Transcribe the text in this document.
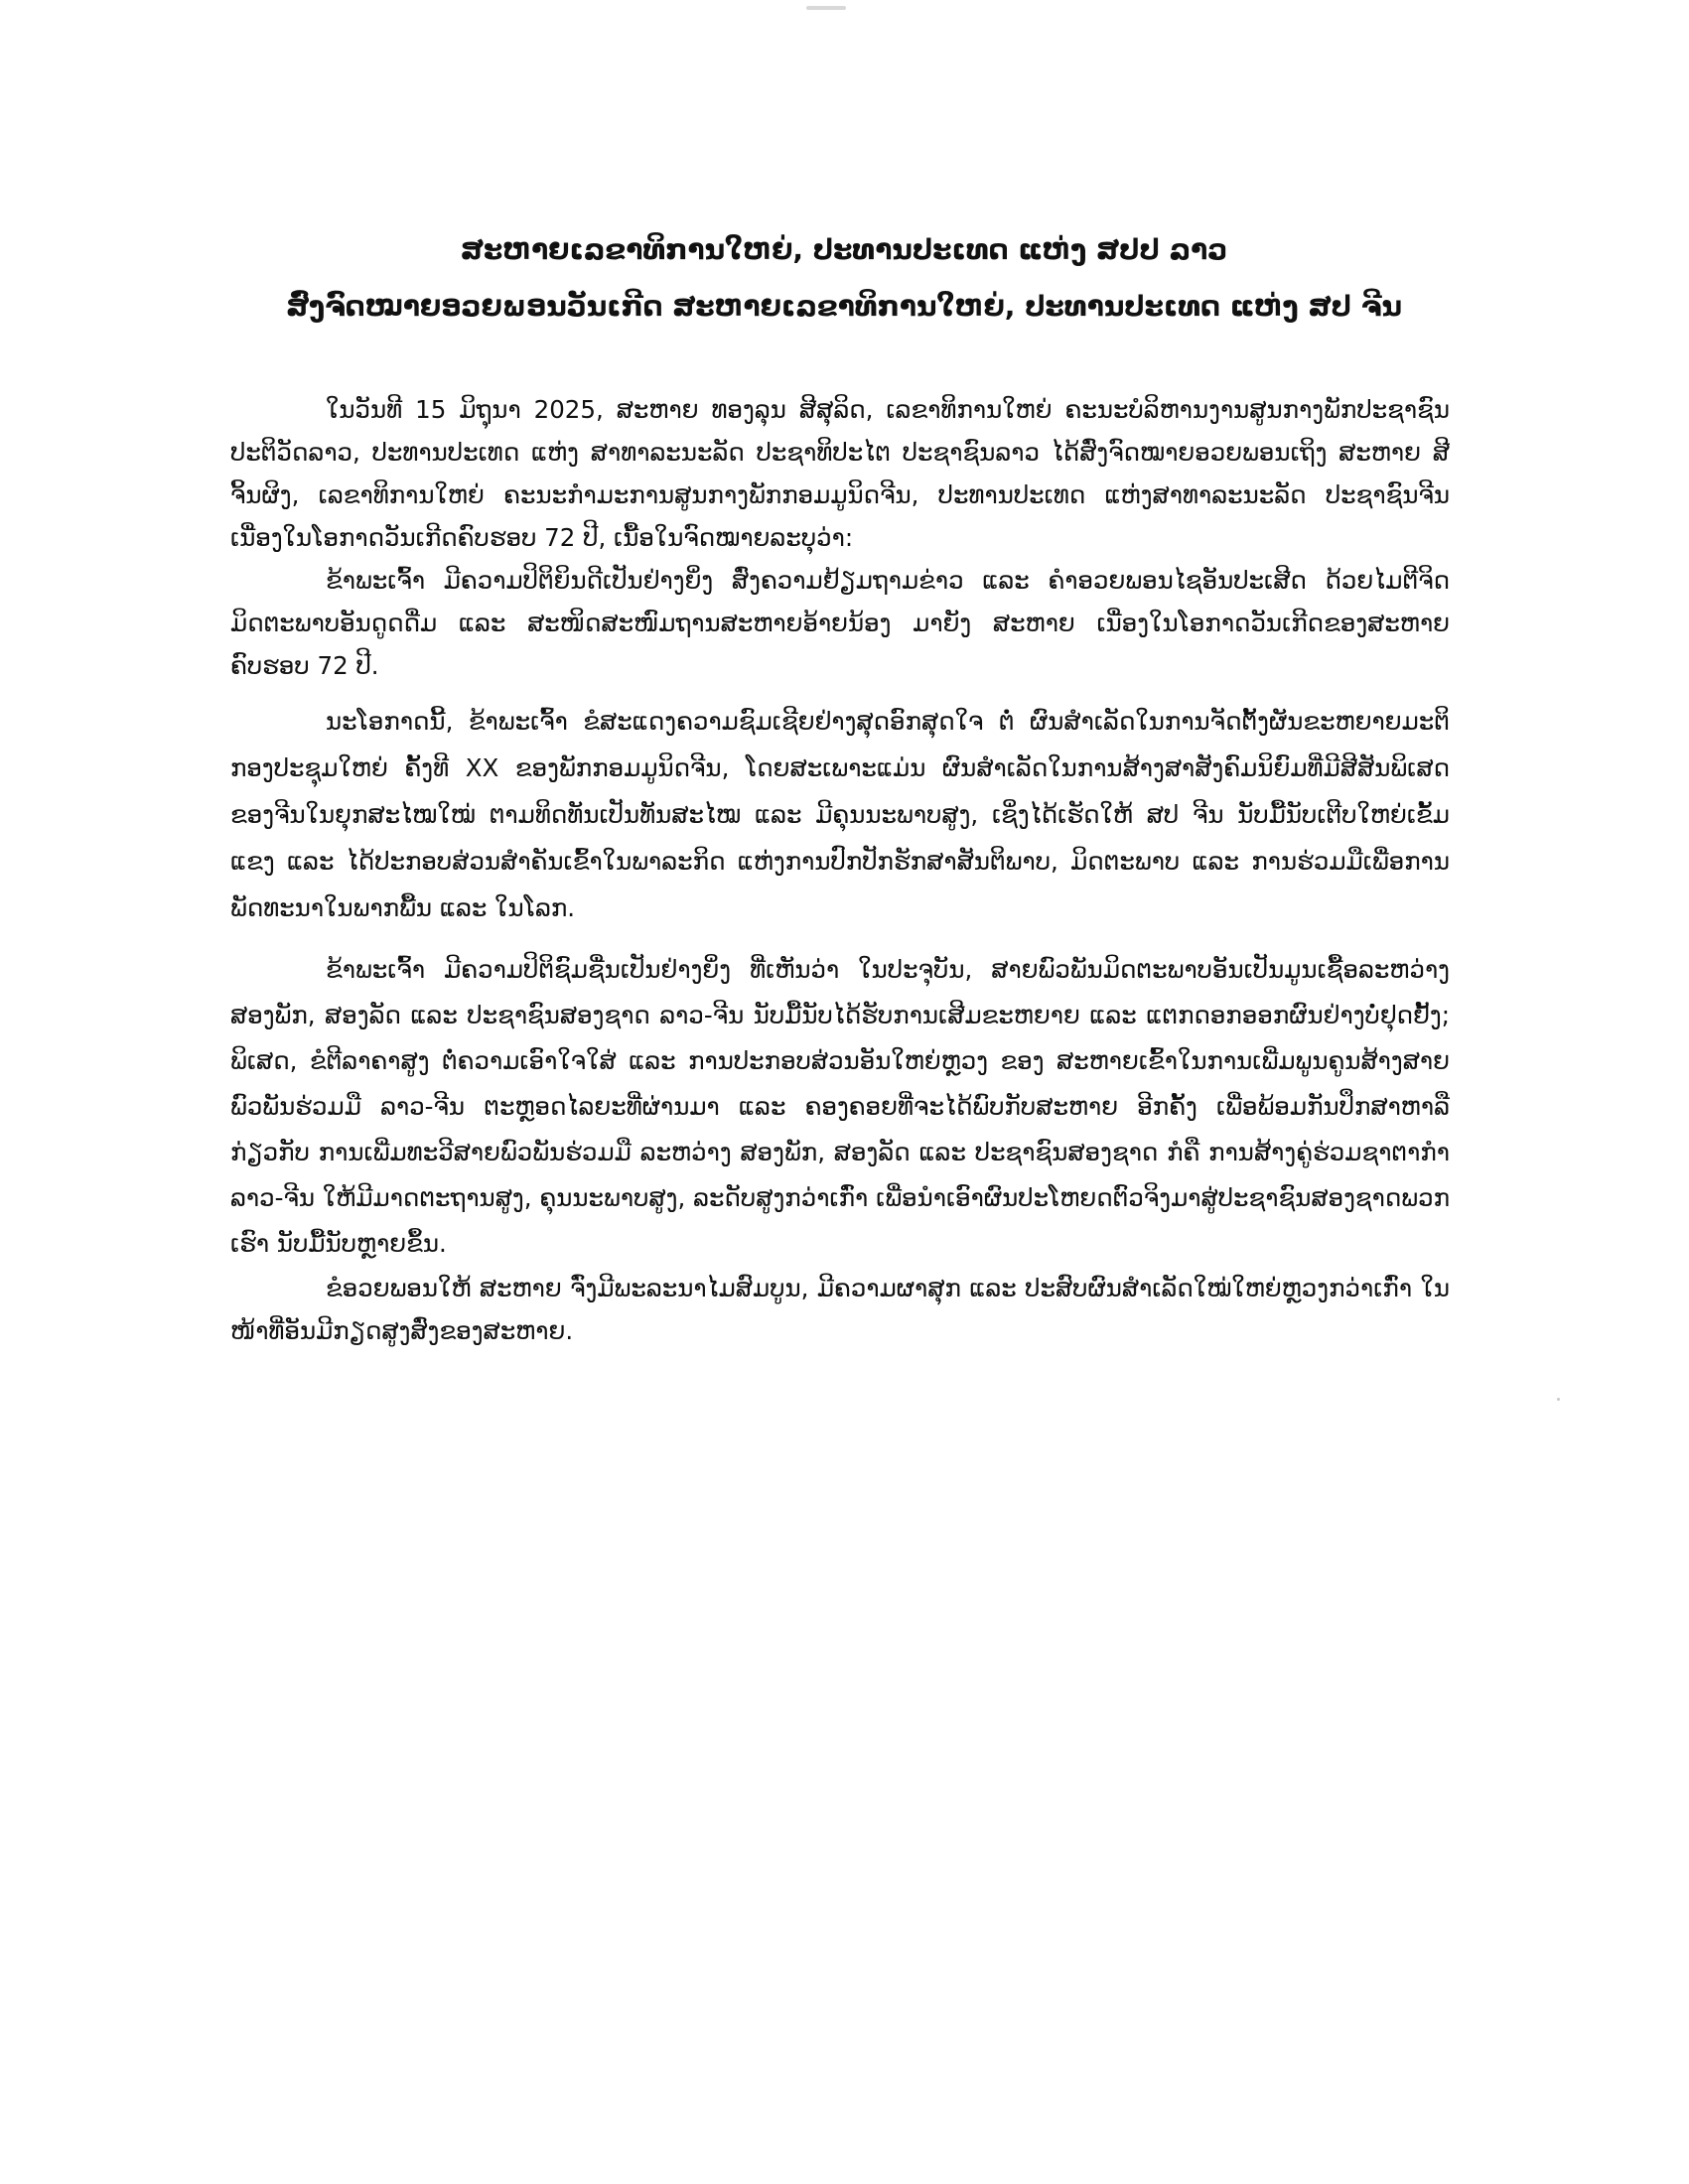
ສະຫາຍເລຂາທິການໃຫຍ່, ປະທານປະເທດ ແຫ່ງ ສປປ ລາວ
ສົ່ງຈົດໝາຍອວຍພອນວັນເກີດ ສະຫາຍເລຂາທິການໃຫຍ່, ປະທານປະເທດ ແຫ່ງ ສປ ຈີນ

ໃນວັນທີ 15 ມິຖຸນາ 2025, ສະຫາຍ ທອງລຸນ ສີສຸລິດ, ເລຂາທິການໃຫຍ່ ຄະນະບໍລິຫານງານສູນກາງພັກປະຊາຊົນ ປະຕິວັດລາວ, ປະທານປະເທດ ແຫ່ງ ສາທາລະນະລັດ ປະຊາທິປະໄຕ ປະຊາຊົນລາວ ໄດ້ສົ່ງຈົດໝາຍອວຍພອນເຖິງ ສະຫາຍ ສີ ຈິ້ນຜິງ, ເລຂາທິການໃຫຍ່ ຄະນະກຳມະການສູນກາງພັກກອມມູນິດຈີນ, ປະທານປະເທດ ແຫ່ງສາທາລະນະລັດ ປະຊາຊົນຈີນ ເນື່ອງໃນໂອກາດວັນເກີດຄົບຮອບ 72 ປີ, ເນື້ອໃນຈົດໝາຍລະບຸວ່າ:

ຂ້າພະເຈົ້າ ມີຄວາມປິຕິຍິນດີເປັນຢ່າງຍິ່ງ ສົ່ງຄວາມຢ້ຽມຖາມຂ່າວ ແລະ ຄຳອວຍພອນໄຊອັນປະເສີດ ດ້ວຍໄມຕີຈິດມິດຕະພາບອັນດູດດື່ມ ແລະ ສະໜິດສະໜົມຖານສະຫາຍອ້າຍນ້ອງ ມາຍັງ ສະຫາຍ ເນື່ອງໃນໂອກາດວັນເກີດຂອງສະຫາຍ ຄົບຮອບ 72 ປີ.

ນະໂອກາດນີ້, ຂ້າພະເຈົ້າ ຂໍສະແດງຄວາມຊົມເຊີຍຢ່າງສຸດອົກສຸດໃຈ ຕໍ່ ຜົນສຳເລັດໃນການຈັດຕັ້ງຜັນຂະຫຍາຍມະຕິກອງປະຊຸມໃຫຍ່ ຄັ້ງທີ XX ຂອງພັກກອມມູນິດຈີນ, ໂດຍສະເພາະແມ່ນ ຜົນສຳເລັດໃນການສ້າງສາສັງຄົມນິຍົມທີ່ມີສີສັນພິເສດຂອງຈີນໃນຍຸກສະໄໝໃໝ່ ຕາມທິດທັນເປັນທັນສະໄໝ ແລະ ມີຄຸນນະພາບສູງ, ເຊິ່ງໄດ້ເຮັດໃຫ້ ສປ ຈີນ ນັບມື້ນັບເຕີບໃຫຍ່ເຂັ້ມແຂງ ແລະ ໄດ້ປະກອບສ່ວນສຳຄັນເຂົ້າໃນພາລະກິດ ແຫ່ງການປົກປັກຮັກສາສັນຕິພາບ, ມິດຕະພາບ ແລະ ການຮ່ວມມືເພື່ອການພັດທະນາໃນພາກພື້ນ ແລະ ໃນໂລກ.

ຂ້າພະເຈົ້າ ມີຄວາມປິຕິຊົມຊື່ນເປັນຢ່າງຍິ່ງ ທີ່ເຫັນວ່າ ໃນປະຈຸບັນ, ສາຍພົວພັນມິດຕະພາບອັນເປັນມູນເຊື້ອລະຫວ່າງ ສອງພັກ, ສອງລັດ ແລະ ປະຊາຊົນສອງຊາດ ລາວ-ຈີນ ນັບມື້ນັບໄດ້ຮັບການເສີມຂະຫຍາຍ ແລະ ແຕກດອກອອກຜົນຢ່າງບໍ່ຢຸດຢັ້ງ; ພິເສດ, ຂໍຕີລາຄາສູງ ຕໍ່ຄວາມເອົາໃຈໃສ່ ແລະ ການປະກອບສ່ວນອັນໃຫຍ່ຫຼວງ ຂອງ ສະຫາຍເຂົ້າໃນການເພີ່ມພູນຄູນສ້າງສາຍພົວພັນຮ່ວມມື ລາວ-ຈີນ ຕະຫຼອດໄລຍະທີ່ຜ່ານມາ ແລະ ຄອງຄອຍທີ່ຈະໄດ້ພົບກັບສະຫາຍ ອີກຄັ້ງ ເພື່ອພ້ອມກັນປຶກສາຫາລື ກ່ຽວກັບ ການເພີ່ມທະວີສາຍພົວພັນຮ່ວມມື ລະຫວ່າງ ສອງພັກ, ສອງລັດ ແລະ ປະຊາຊົນສອງຊາດ ກໍຄື ການສ້າງຄູ່ຮ່ວມຊາຕາກຳ ລາວ-ຈີນ ໃຫ້ມີມາດຕະຖານສູງ, ຄຸນນະພາບສູງ, ລະດັບສູງກວ່າເກົ່າ ເພື່ອນຳເອົາຜົນປະໂຫຍດຕົວຈິງມາສູ່ປະຊາຊົນສອງຊາດພວກເຮົາ ນັບມື້ນັບຫຼາຍຂຶ້ນ.

ຂໍອວຍພອນໃຫ້ ສະຫາຍ ຈົ່ງມີພະລະນາໄມສົມບູນ, ມີຄວາມຜາສຸກ ແລະ ປະສົບຜົນສຳເລັດໃໝ່ໃຫຍ່ຫຼວງກວ່າເກົ່າ ໃນໜ້າທີ່ອັນມີກຽດສູງສົ່ງຂອງສະຫາຍ.
